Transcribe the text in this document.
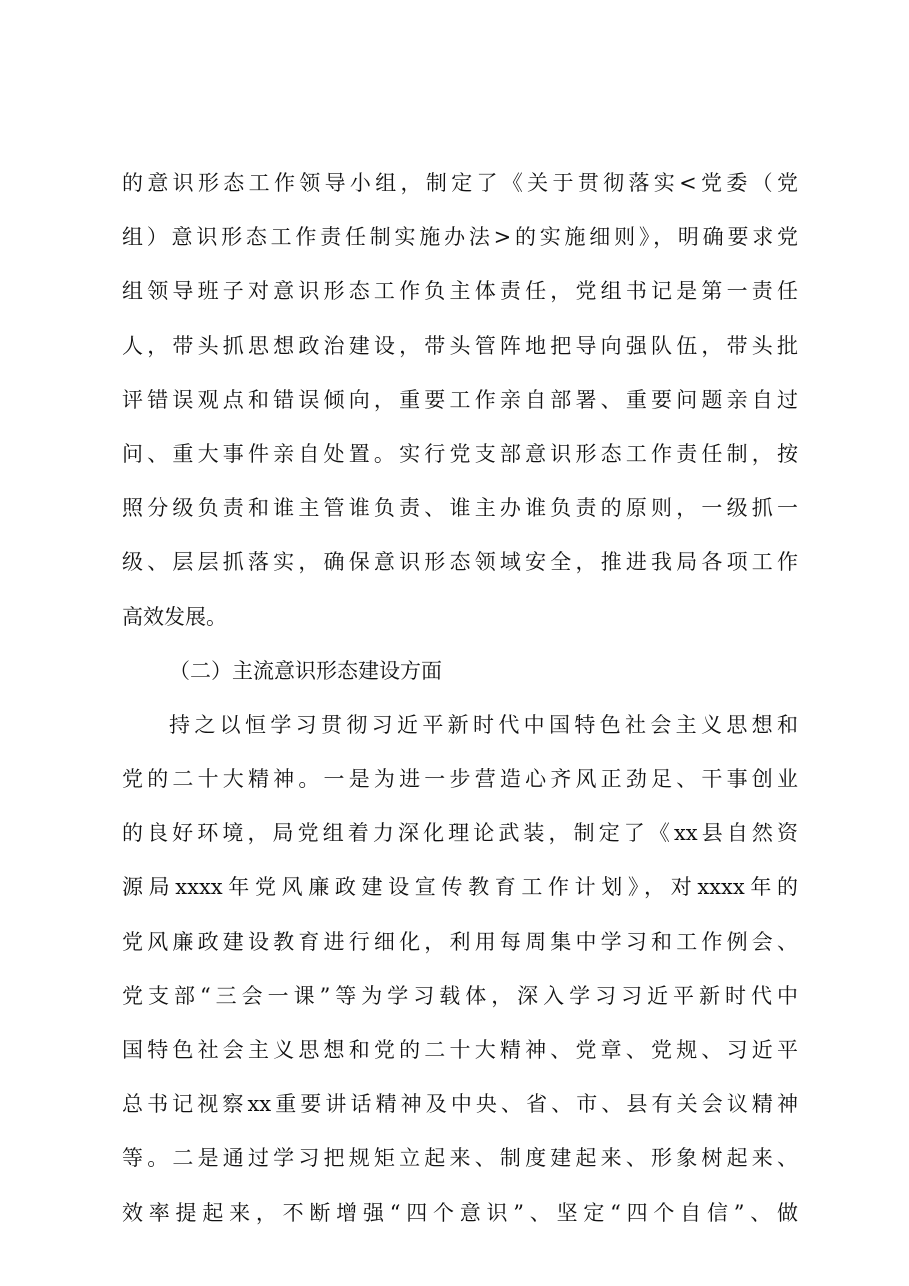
的意识形态工作领导小组，制定了《关于贯彻落实<党委（党
组）意识形态工作责任制实施办法>的实施细则》，明确要求党
组领导班子对意识形态工作负主体责任，党组书记是第一责任
人，带头抓思想政治建设，带头管阵地把导向强队伍，带头批
评错误观点和错误倾向，重要工作亲自部署、重要问题亲自过
问、重大事件亲自处置。实行党支部意识形态工作责任制，按
照分级负责和谁主管谁负责、谁主办谁负责的原则，一级抓一
级、层层抓落实，确保意识形态领域安全，推进我局各项工作
高效发展。
（二）主流意识形态建设方面
持之以恒学习贯彻习近平新时代中国特色社会主义思想和
党的二十大精神。一是为进一步营造心齐风正劲足、干事创业
的良好环境，局党组着力深化理论武装，制定了《xx县自然资
源局xxxx年党风廉政建设宣传教育工作计划》，对xxxx年的
党风廉政建设教育进行细化，利用每周集中学习和工作例会、
党支部“三会一课”等为学习载体，深入学习习近平新时代中
国特色社会主义思想和党的二十大精神、党章、党规、习近平
总书记视察xx重要讲话精神及中央、省、市、县有关会议精神
等。二是通过学习把规矩立起来、制度建起来、形象树起来、
效率提起来，不断增强“四个意识”、坚定“四个自信”、做
